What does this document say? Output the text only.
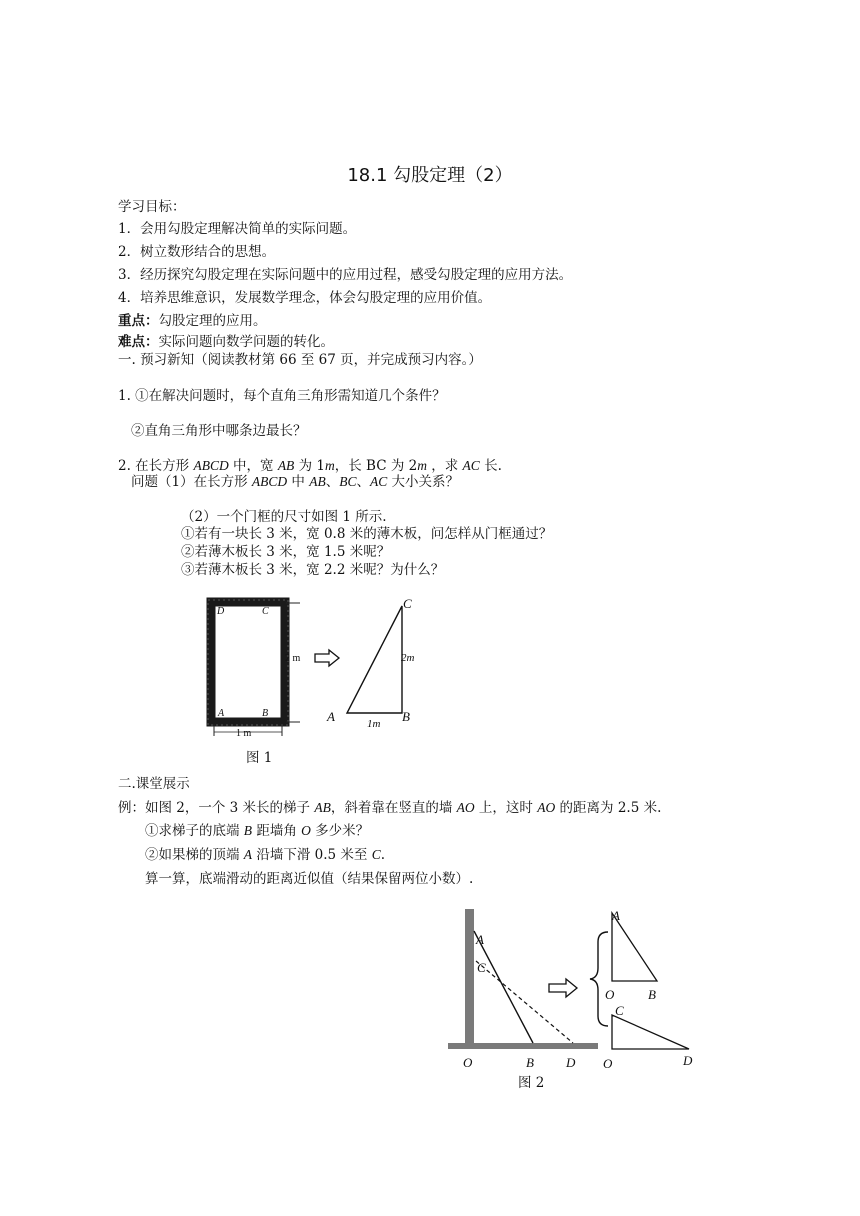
18.1 勾股定理（2）
学习目标：
1．会用勾股定理解决简单的实际问题。
2．树立数形结合的思想。
3．经历探究勾股定理在实际问题中的应用过程，感受勾股定理的应用方法。
4．培养思维意识，发展数学理念，体会勾股定理的应用价值。
重点：勾股定理的应用。
难点：实际问题向数学问题的转化。
一. 预习新知（阅读教材第 66 至 67 页，并完成预习内容。）
1. ①在解决问题时，每个直角三角形需知道几个条件？
②直角三角形中哪条边最长？
2. 在长方形 ABCD 中，宽 AB 为 1m，长 BC 为 2m ，求 AC 长.
问题（1）在长方形 ABCD 中 AB、BC、AC 大小关系？
（2）一个门框的尺寸如图 1 所示.
①若有一块长 3 米，宽 0.8 米的薄木板，问怎样从门框通过？
②若薄木板长 3 米，宽 1.5 米呢？
③若薄木板长 3 米，宽 2.2 米呢？为什么？
D	C
A	B
2 m
1 m
C
A	B
2m
1m
图 1
二.课堂展示
例：如图 2，一个 3 米长的梯子 AB，斜着靠在竖直的墙 AO 上，这时 AO 的距离为 2.5 米.
①求梯子的底端 B 距墙角 O 多少米？
②如果梯的顶端 A 沿墙下滑 0.5 米至 C.
算一算，底端滑动的距离近似值（结果保留两位小数）.
A
C
O	B D
A
O	B
C
O	D
图 2
